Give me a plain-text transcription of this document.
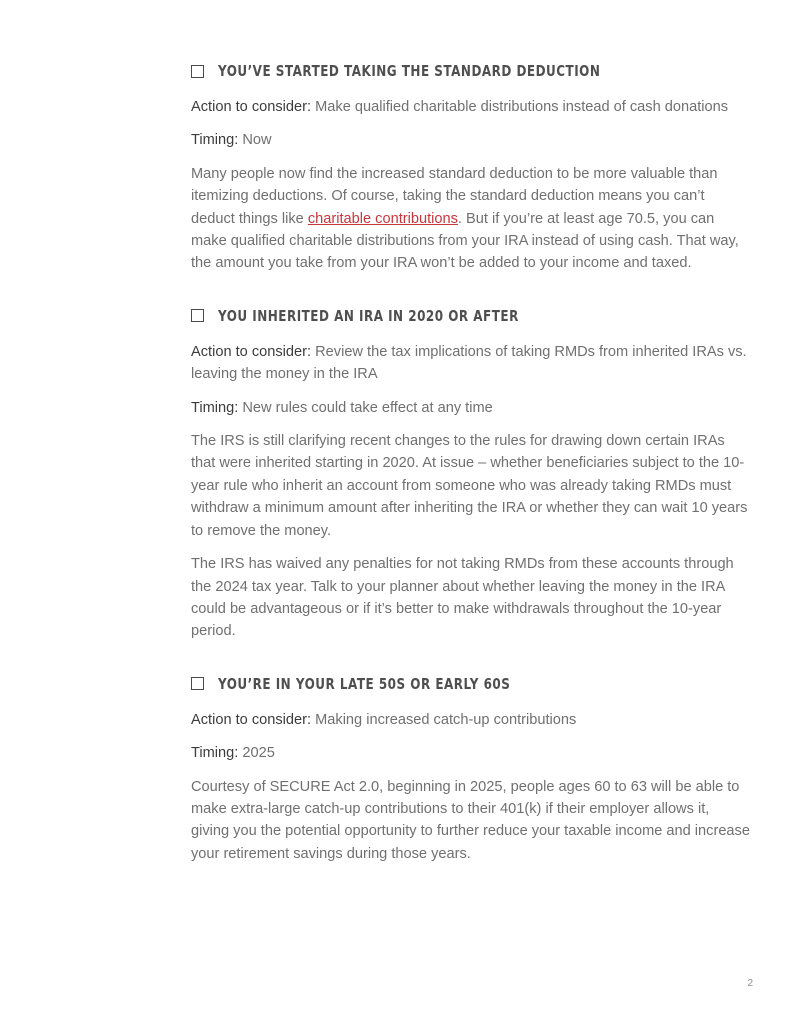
YOU’VE STARTED TAKING THE STANDARD DEDUCTION

Action to consider: Make qualified charitable distributions instead of cash donations

Timing: Now

Many people now find the increased standard deduction to be more valuable than itemizing deductions. Of course, taking the standard deduction means you can’t deduct things like charitable contributions. But if you’re at least age 70.5, you can make qualified charitable distributions from your IRA instead of using cash. That way, the amount you take from your IRA won’t be added to your income and taxed.

YOU INHERITED AN IRA IN 2020 OR AFTER

Action to consider: Review the tax implications of taking RMDs from inherited IRAs vs. leaving the money in the IRA

Timing: New rules could take effect at any time

The IRS is still clarifying recent changes to the rules for drawing down certain IRAs that were inherited starting in 2020. At issue – whether beneficiaries subject to the 10-year rule who inherit an account from someone who was already taking RMDs must withdraw a minimum amount after inheriting the IRA or whether they can wait 10 years to remove the money.

The IRS has waived any penalties for not taking RMDs from these accounts through the 2024 tax year. Talk to your planner about whether leaving the money in the IRA could be advantageous or if it’s better to make withdrawals throughout the 10-year period.

YOU’RE IN YOUR LATE 50S OR EARLY 60S

Action to consider: Making increased catch-up contributions

Timing: 2025

Courtesy of SECURE Act 2.0, beginning in 2025, people ages 60 to 63 will be able to make extra-large catch-up contributions to their 401(k) if their employer allows it, giving you the potential opportunity to further reduce your taxable income and increase your retirement savings during those years.

2
